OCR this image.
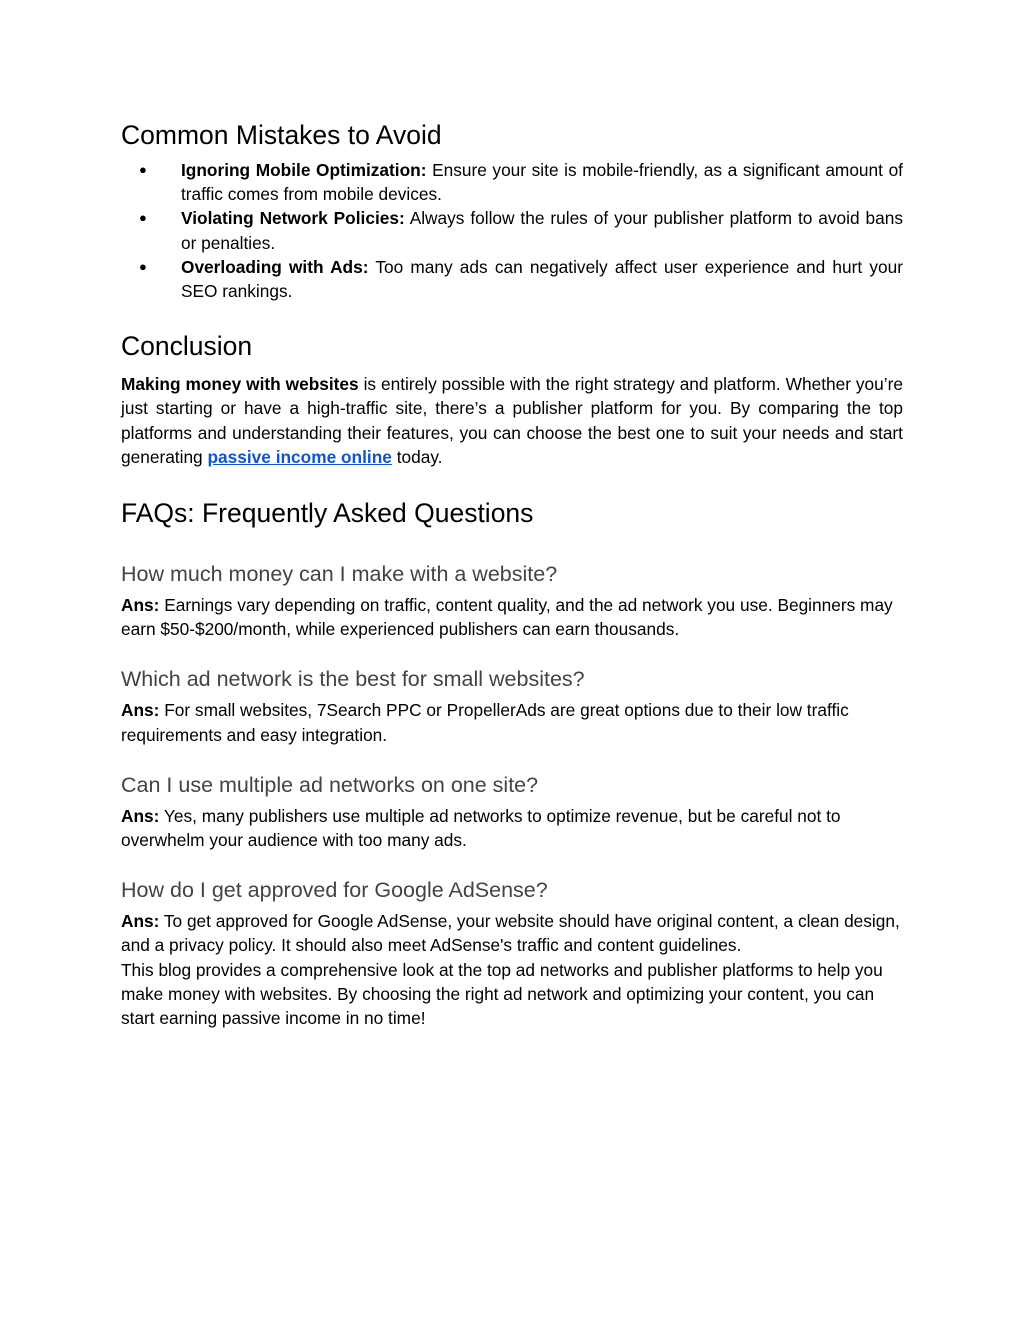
Common Mistakes to Avoid
● Ignoring Mobile Optimization: Ensure your site is mobile-friendly, as a significant amount of traffic comes from mobile devices.
● Violating Network Policies: Always follow the rules of your publisher platform to avoid bans or penalties.
● Overloading with Ads: Too many ads can negatively affect user experience and hurt your SEO rankings.
Conclusion

Making money with websites is entirely possible with the right strategy and platform. Whether you’re just starting or have a high-traffic site, there’s a publisher platform for you. By comparing the top platforms and understanding their features, you can choose the best one to suit your needs and start generating passive income online today.

FAQs: Frequently Asked Questions
How much money can I make with a website?

Ans: Earnings vary depending on traffic, content quality, and the ad network you use. Beginners may earn $50-$200/month, while experienced publishers can earn thousands.

Which ad network is the best for small websites?

Ans: For small websites, 7Search PPC or PropellerAds are great options due to their low traffic requirements and easy integration.

Can I use multiple ad networks on one site?

Ans: Yes, many publishers use multiple ad networks to optimize revenue, but be careful not to overwhelm your audience with too many ads.

How do I get approved for Google AdSense?

Ans: To get approved for Google AdSense, your website should have original content, a clean design, and a privacy policy. It should also meet AdSense's traffic and content guidelines.

This blog provides a comprehensive look at the top ad networks and publisher platforms to help you make money with websites. By choosing the right ad network and optimizing your content, you can start earning passive income in no time!
